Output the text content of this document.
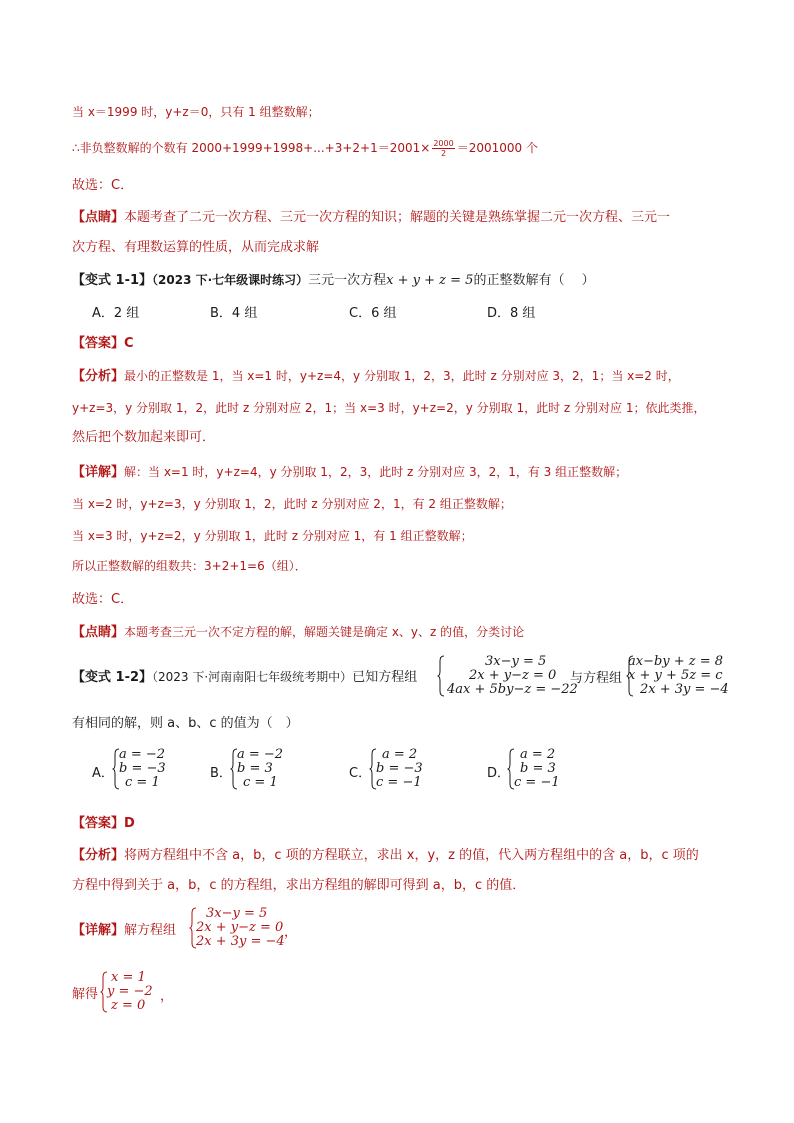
当 x＝1999 时，y+z＝0，只有 1 组整数解；
∴非负整数解的个数有 $2000+1999+1998+...+3+2+1=2001\times \frac{2000}{2} =2001000$ 个
故选：C．
【点睛】本题考查了二元一次方程、三元一次方程的知识；解题的关键是熟练掌握二元一次方程、三元一
次方程、有理数运算的性质，从而完成求解
【变式 1-1】（2023 下·七年级课时练习）三元一次方程x + y + z = 5的正整数解有（　 ）
A．2 组	B．4 组	C．6 组	D．8 组
【答案】C
【分析】最小的正整数是 1，当 x=1 时，y+z=4，y 分别取 1，2，3，此时 z 分别对应 3，2，1；当 x=2 时，
y+z=3，y 分别取 1，2，此时 z 分别对应 2，1；当 x=3 时，y+z=2，y 分别取 1，此时 z 分别对应 1；依此类推，
然后把个数加起来即可．
【详解】解：当 x=1 时，y+z=4，y 分别取 1，2，3，此时 z 分别对应 3，2，1，有 3 组正整数解；
当 x=2 时，y+z=3，y 分别取 1，2，此时 z 分别对应 2，1，有 2 组正整数解；
当 x=3 时，y+z=2，y 分别取 1，此时 z 分别对应 1，有 1 组正整数解；
所以正整数解的组数共：3+2+1=6（组）．
故选：C．
【点睛】本题考查三元一次不定方程的解，解题关键是确定 x、y、z 的值，分类讨论
【变式 1-2】（2023 下·河南南阳七年级统考期中）已知方程组
3x−y = 5
2x + y−z = 0
4ax + 5by−z = −22
与方程组
ax−by + z = 8
x + y + 5z = c
2x + 3y = −4
有相同的解，则 a、b、c 的值为（　）
A．
a = −2
b = −3
c = 1
B．
a = −2
b = 3
c = 1
C．
a = 2
b = −3
c = −1
D．
a = 2
b = 3
c = −1
【答案】D
【分析】将两方程组中不含 a，b，c 项的方程联立，求出 x，y，z 的值，代入两方程组中的含 a，b，c 项的
方程中得到关于 a，b，c 的方程组，求出方程组的解即可得到 a，b，c 的值．
【详解】解方程组
3x−y = 5
2x + y−z = 0
2x + 3y = −4
，
解得
x = 1
y = −2
z = 0
，
